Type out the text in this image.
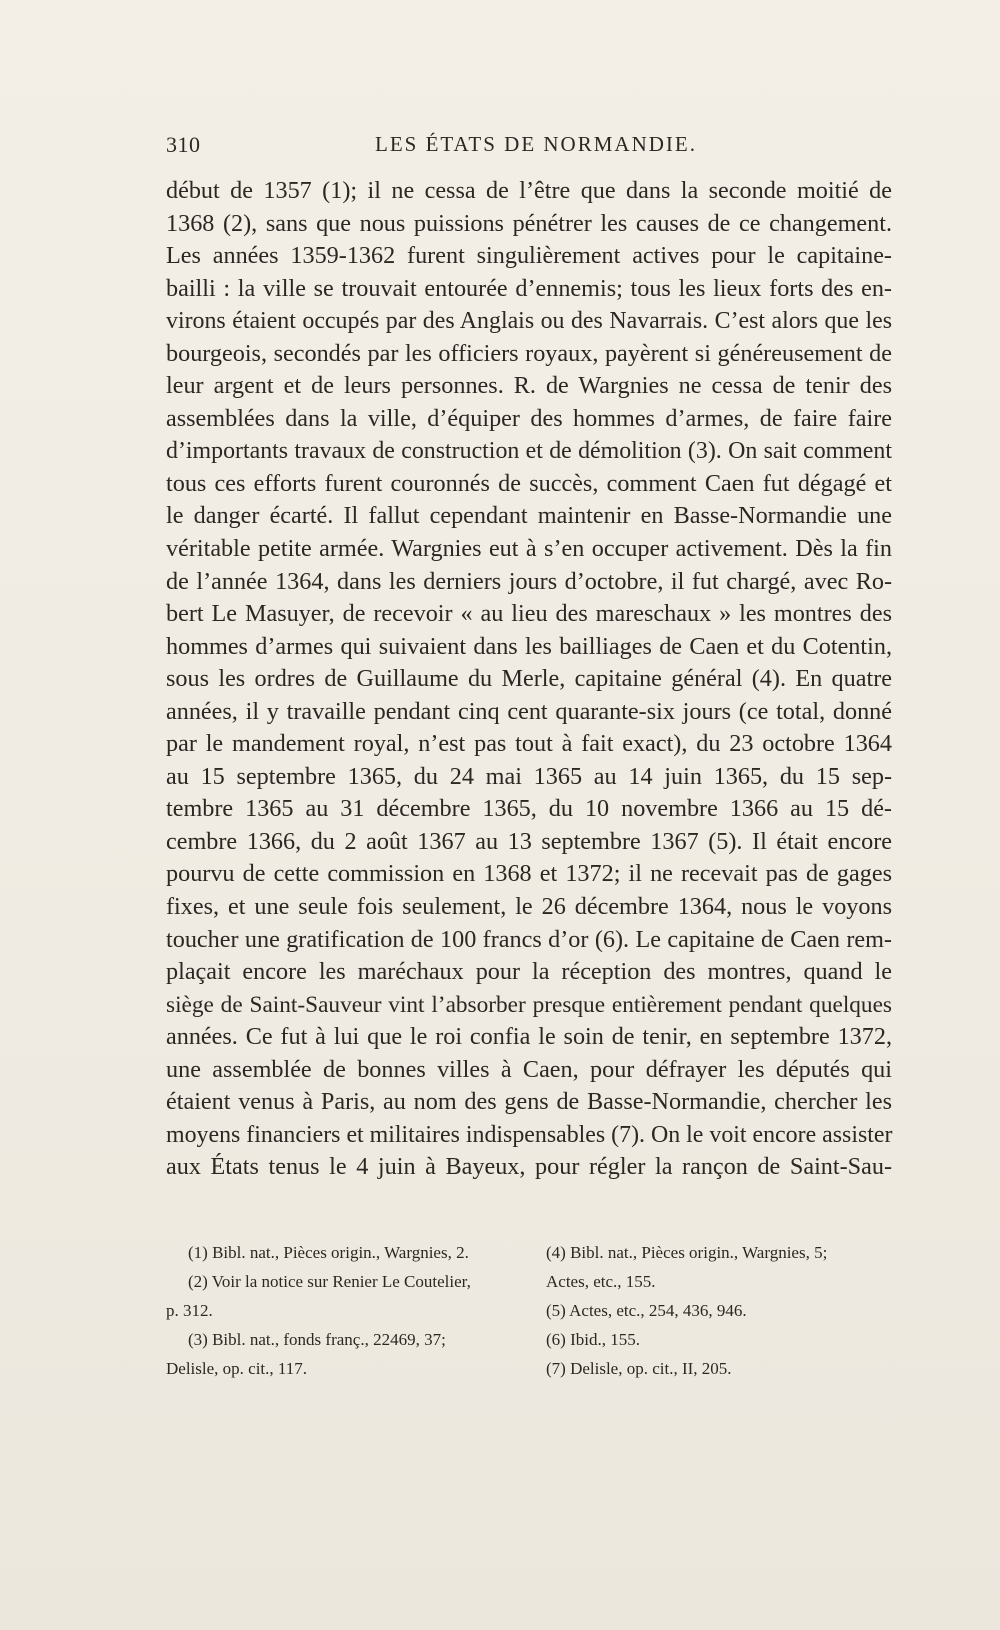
310	LES ÉTATS DE NORMANDIE.
début de 1357 (1); il ne cessa de l’être que dans la seconde moitié de
1368 (2), sans que nous puissions pénétrer les causes de ce changement.
Les années 1359-1362 furent singulièrement actives pour le capitaine-
bailli : la ville se trouvait entourée d’ennemis; tous les lieux forts des en-
virons étaient occupés par des Anglais ou des Navarrais. C’est alors que les
bourgeois, secondés par les officiers royaux, payèrent si généreusement de
leur argent et de leurs personnes. R. de Wargnies ne cessa de tenir des
assemblées dans la ville, d’équiper des hommes d’armes, de faire faire
d’importants travaux de construction et de démolition (3). On sait comment
tous ces efforts furent couronnés de succès, comment Caen fut dégagé et
le danger écarté. Il fallut cependant maintenir en Basse-Normandie une
véritable petite armée. Wargnies eut à s’en occuper activement. Dès la fin
de l’année 1364, dans les derniers jours d’octobre, il fut chargé, avec Ro-
bert Le Masuyer, de recevoir « au lieu des mareschaux » les montres des
hommes d’armes qui suivaient dans les bailliages de Caen et du Cotentin,
sous les ordres de Guillaume du Merle, capitaine général (4). En quatre
années, il y travaille pendant cinq cent quarante-six jours (ce total, donné
par le mandement royal, n’est pas tout à fait exact), du 23 octobre 1364
au 15 septembre 1365, du 24 mai 1365 au 14 juin 1365, du 15 sep-
tembre 1365 au 31 décembre 1365, du 10 novembre 1366 au 15 dé-
cembre 1366, du 2 août 1367 au 13 septembre 1367 (5). Il était encore
pourvu de cette commission en 1368 et 1372; il ne recevait pas de gages
fixes, et une seule fois seulement, le 26 décembre 1364, nous le voyons
toucher une gratification de 100 francs d’or (6). Le capitaine de Caen rem-
plaçait encore les maréchaux pour la réception des montres, quand le
siège de Saint-Sauveur vint l’absorber presque entièrement pendant quelques
années. Ce fut à lui que le roi confia le soin de tenir, en septembre 1372,
une assemblée de bonnes villes à Caen, pour défrayer les députés qui
étaient venus à Paris, au nom des gens de Basse-Normandie, chercher les
moyens financiers et militaires indispensables (7). On le voit encore assister
aux États tenus le 4 juin à Bayeux, pour régler la rançon de Saint-Sau-
(1) Bibl. nat., Pièces origin., Wargnies, 2.
(2) Voir la notice sur Renier Le Coutelier,
p. 312.
(3) Bibl. nat., fonds franç., 22469, 37;
Delisle, op. cit., 117.
(4) Bibl. nat., Pièces origin., Wargnies, 5;
Actes, etc., 155.
(5) Actes, etc., 254, 436, 946.
(6) Ibid., 155.
(7) Delisle, op. cit., II, 205.
